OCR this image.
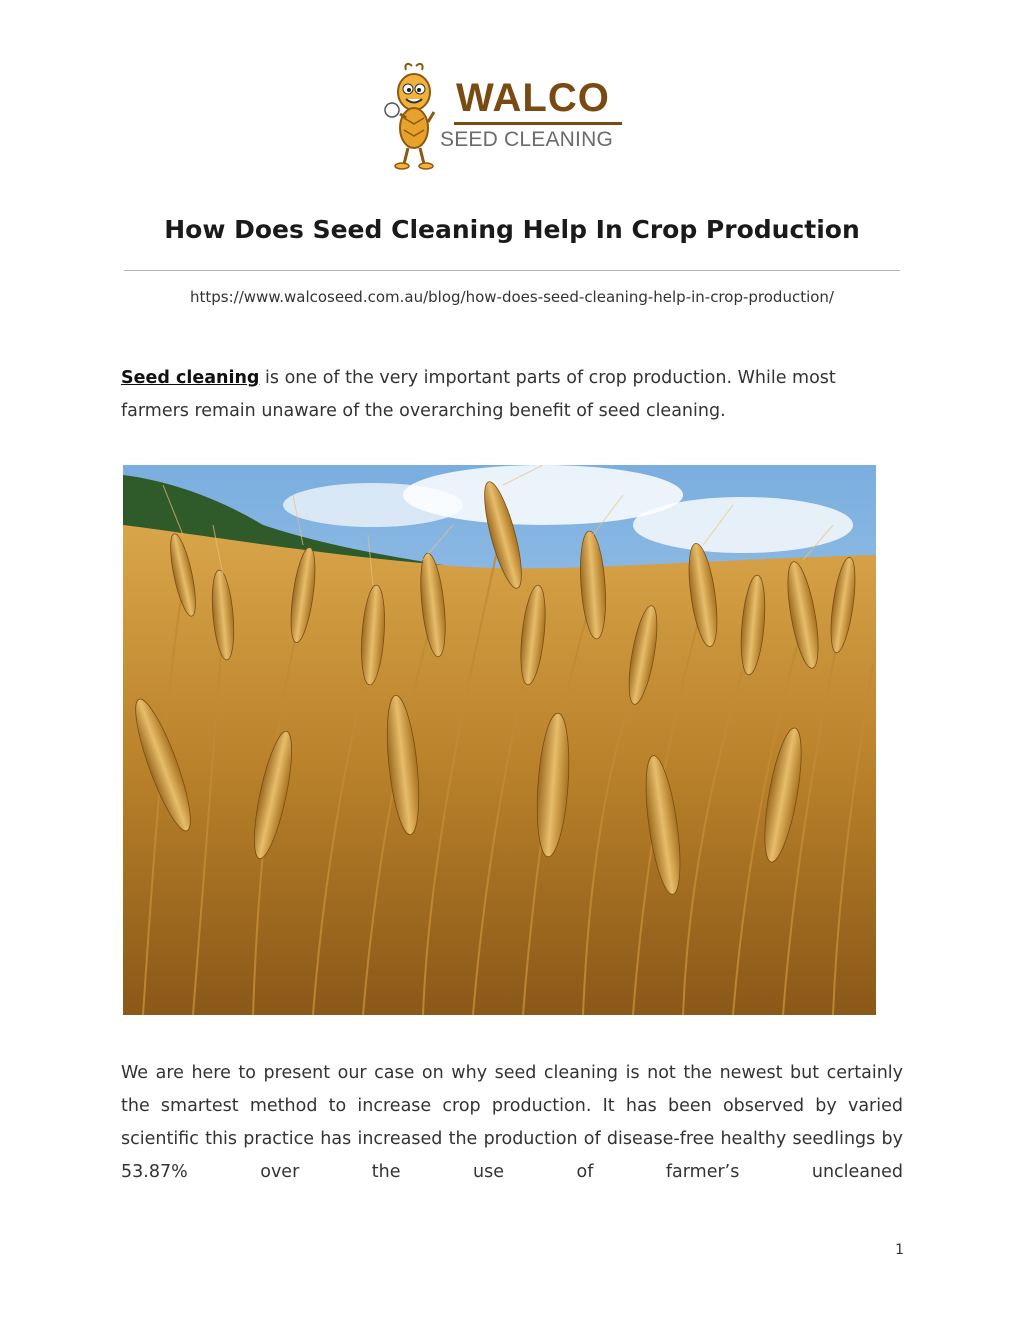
WALCO
SEED CLEANING
How Does Seed Cleaning Help In Crop Production
https://www.walcoseed.com.au/blog/how-does-seed-cleaning-help-in-crop-production/

Seed cleaning is one of the very important parts of crop production. While most farmers remain unaware of the overarching benefit of seed cleaning.

We are here to present our case on why seed cleaning is not the newest but certainly the smartest method to increase crop production. It has been observed by varied scientific this practice has increased the production of disease-free healthy seedlings by 53.87% over the use of farmer’s uncleaned

1
